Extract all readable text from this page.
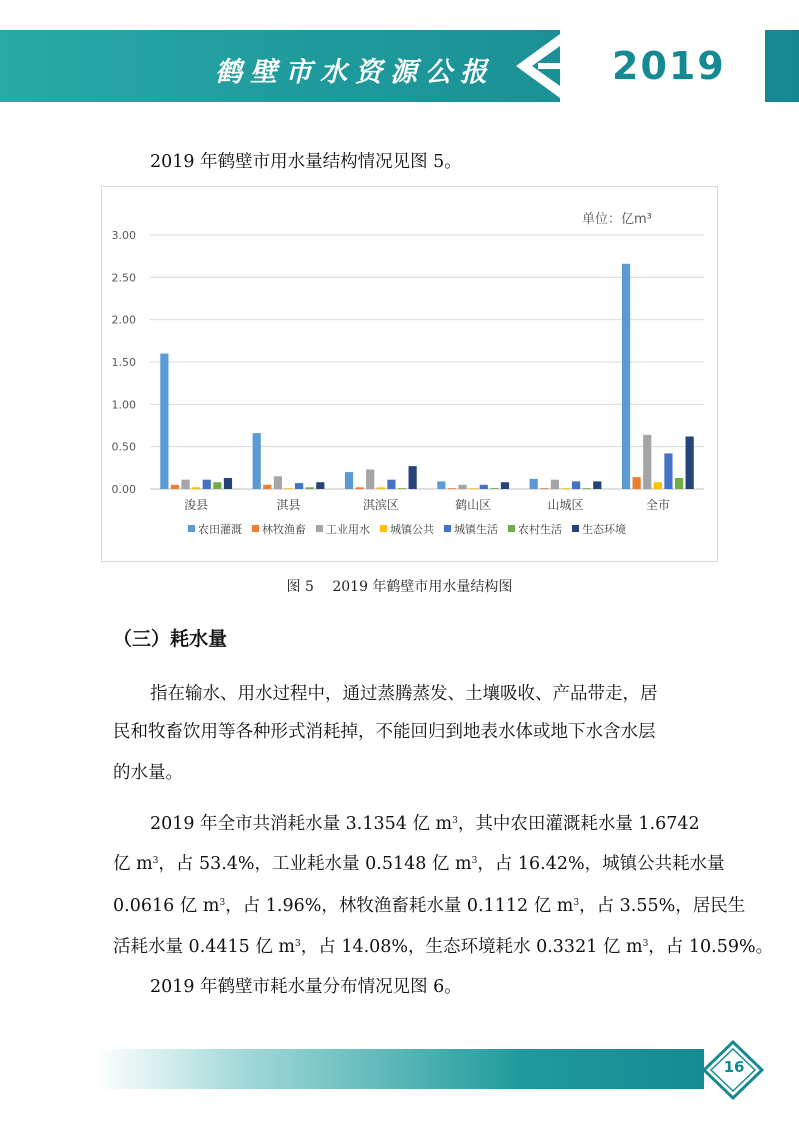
鹤壁市水资源公报	2019
2019 年鹤壁市用水量结构情况见图 5。
单位：亿m³
0.00
0.50
1.00
1.50
2.00
2.50
3.00
浚县	淇县	淇滨区	鹤山区	山城区	全市
农田灌溉 林牧渔畜 工业用水 城镇公共 城镇生活 农村生活 生态环境
图 5　 2019 年鹤壁市用水量结构图
（三）耗水量
指在输水、用水过程中，通过蒸腾蒸发、土壤吸收、产品带走，居
民和牧畜饮用等各种形式消耗掉，不能回归到地表水体或地下水含水层
的水量。
2019 年全市共消耗水量 3.1354 亿 $m^3$，其中农田灌溉耗水量 1.6742
亿 $m^3$，占 53.4%，工业耗水量 0.5148 亿 $m^3$，占 16.42%，城镇公共耗水量
0.0616 亿 $m^3$，占 1.96%，林牧渔畜耗水量 0.1112 亿 $m^3$，占 3.55%，居民生
活耗水量 0.4415 亿 $m^3$，占 14.08%，生态环境耗水 0.3321 亿 $m^3$，占 10.59%。
2019 年鹤壁市耗水量分布情况见图 6。
16
